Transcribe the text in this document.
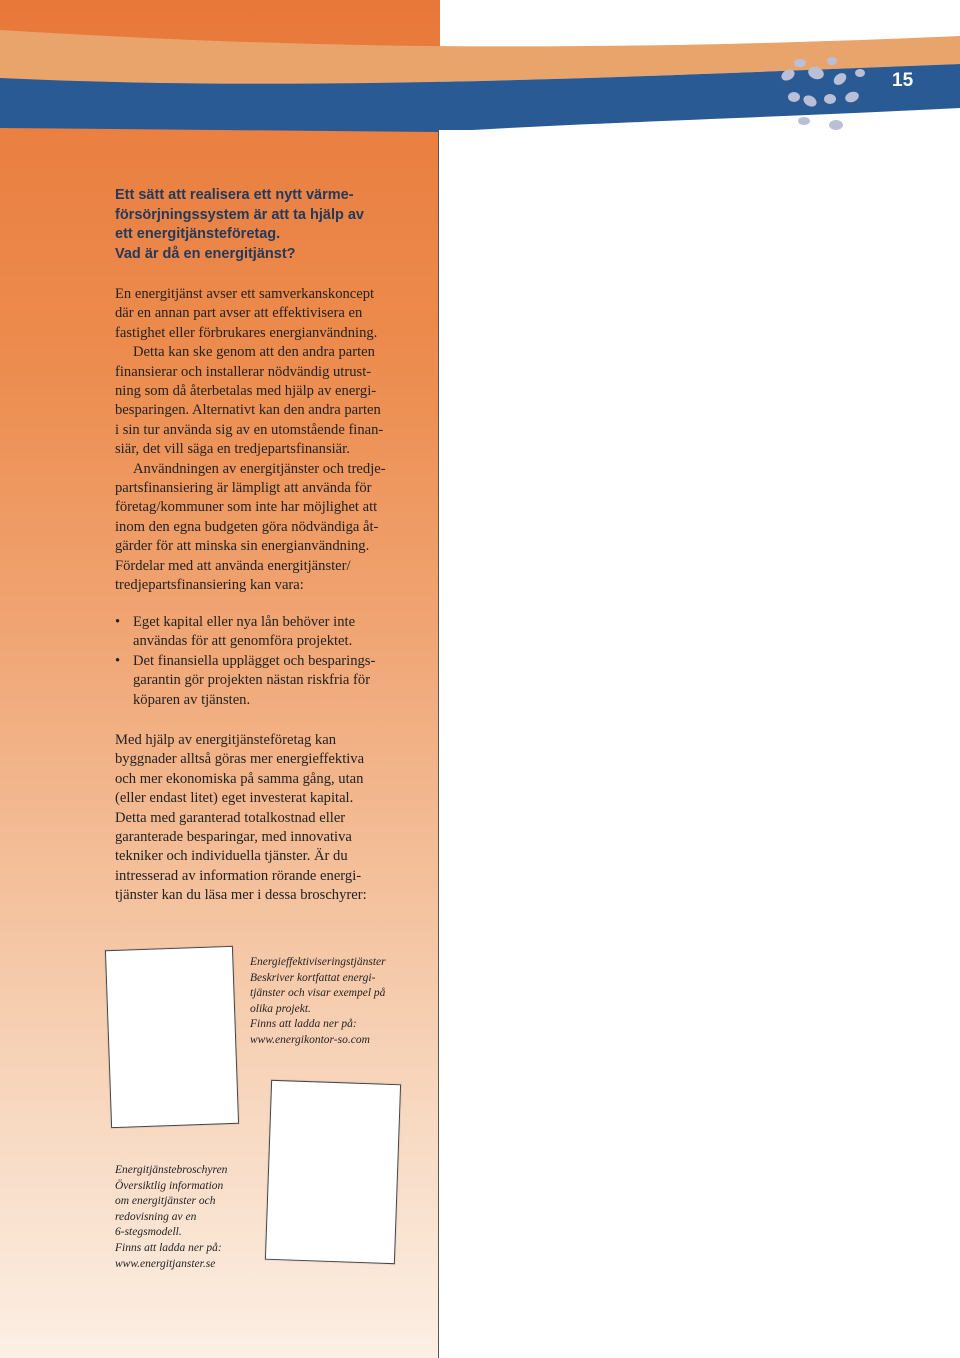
15
Ett sätt att realisera ett nytt värme-
försörjningssystem är att ta hjälp av
ett energitjänsteföretag.
Vad är då en energitjänst?
En energitjänst avser ett samverkanskoncept
där en annan part avser att effektivisera en
fastighet eller förbrukares energianvändning.
Detta kan ske genom att den andra parten
finansierar och installerar nödvändig utrust-
ning som då återbetalas med hjälp av energi-
besparingen. Alternativt kan den andra parten
i sin tur använda sig av en utomstående finan-
siär, det vill säga en tredjepartsfinansiär.
Användningen av energitjänster och tredje-
partsfinansiering är lämpligt att använda för
företag/kommuner som inte har möjlighet att
inom den egna budgeten göra nödvändiga åt-
gärder för att minska sin energianvändning.
Fördelar med att använda energitjänster/
tredjepartsfinansiering kan vara:
• Eget kapital eller nya lån behöver inte
användas för att genomföra projektet.
• Det finansiella upplägget och besparings-
garantin gör projekten nästan riskfria för
köparen av tjänsten.
Med hjälp av energitjänsteföretag kan
byggnader alltså göras mer energieffektiva
och mer ekonomiska på samma gång, utan
(eller endast litet) eget investerat kapital.
Detta med garanterad totalkostnad eller
garanterade besparingar, med innovativa
tekniker och individuella tjänster. Är du
intresserad av information rörande energi-
tjänster kan du läsa mer i dessa broschyrer:
Energieffektiviseringstjänster
Beskriver kortfattat energi-
tjänster och visar exempel på
olika projekt.
Finns att ladda ner på:
www.energikontor-so.com
Energitjänstebroschyren
Översiktlig information
om energitjänster och
redovisning av en
6-stegsmodell.
Finns att ladda ner på:
www.energitjanster.se
